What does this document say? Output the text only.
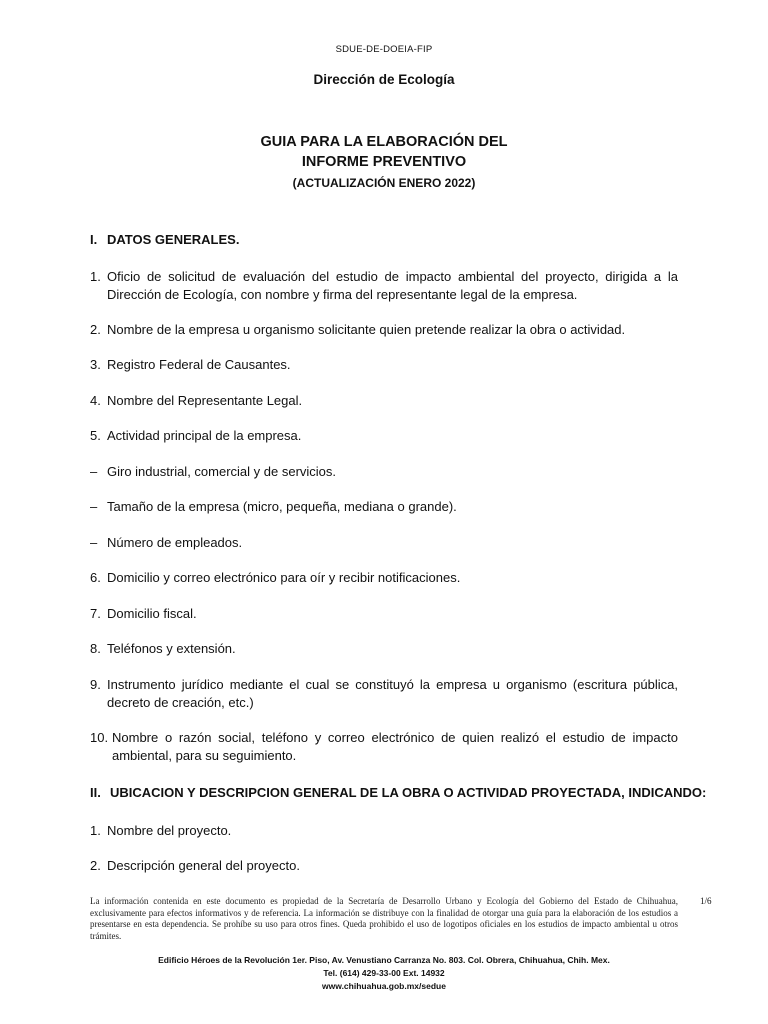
SDUE-DE-DOEIA-FIP
Dirección de Ecología
GUIA PARA LA ELABORACIÓN DEL
INFORME PREVENTIVO
(ACTUALIZACIÓN ENERO 2022)
I. DATOS GENERALES.
1. Oficio de solicitud de evaluación del estudio de impacto ambiental del proyecto, dirigida a la Dirección de Ecología, con nombre y firma del representante legal de la empresa.
2. Nombre de la empresa u organismo solicitante quien pretende realizar la obra o actividad.
3. Registro Federal de Causantes.
4. Nombre del Representante Legal.
5. Actividad principal de la empresa.
– Giro industrial, comercial y de servicios.
– Tamaño de la empresa (micro, pequeña, mediana o grande).
– Número de empleados.
6. Domicilio y correo electrónico para oír y recibir notificaciones.
7. Domicilio fiscal.
8. Teléfonos y extensión.
9. Instrumento jurídico mediante el cual se constituyó la empresa u organismo (escritura pública, decreto de creación, etc.)
10. Nombre o razón social, teléfono y correo electrónico de quien realizó el estudio de impacto ambiental, para su seguimiento.
II. UBICACION Y DESCRIPCION GENERAL DE LA OBRA O ACTIVIDAD PROYECTADA, INDICANDO:
1. Nombre del proyecto.
2. Descripción general del proyecto.
La información contenida en este documento es propiedad de la Secretaría de Desarrollo Urbano y Ecología del Gobierno del Estado de Chihuahua, exclusivamente para efectos informativos y de referencia. La información se distribuye con la finalidad de otorgar una guía para la elaboración de los estudios a presentarse en esta dependencia. Se prohíbe su uso para otros fines. Queda prohibido el uso de logotipos oficiales en los estudios de impacto ambiental u otros trámites.
1/6
Edificio Héroes de la Revolución 1er. Piso, Av. Venustiano Carranza No. 803. Col. Obrera, Chihuahua, Chih. Mex.
Tel. (614) 429-33-00 Ext. 14932
www.chihuahua.gob.mx/sedue
